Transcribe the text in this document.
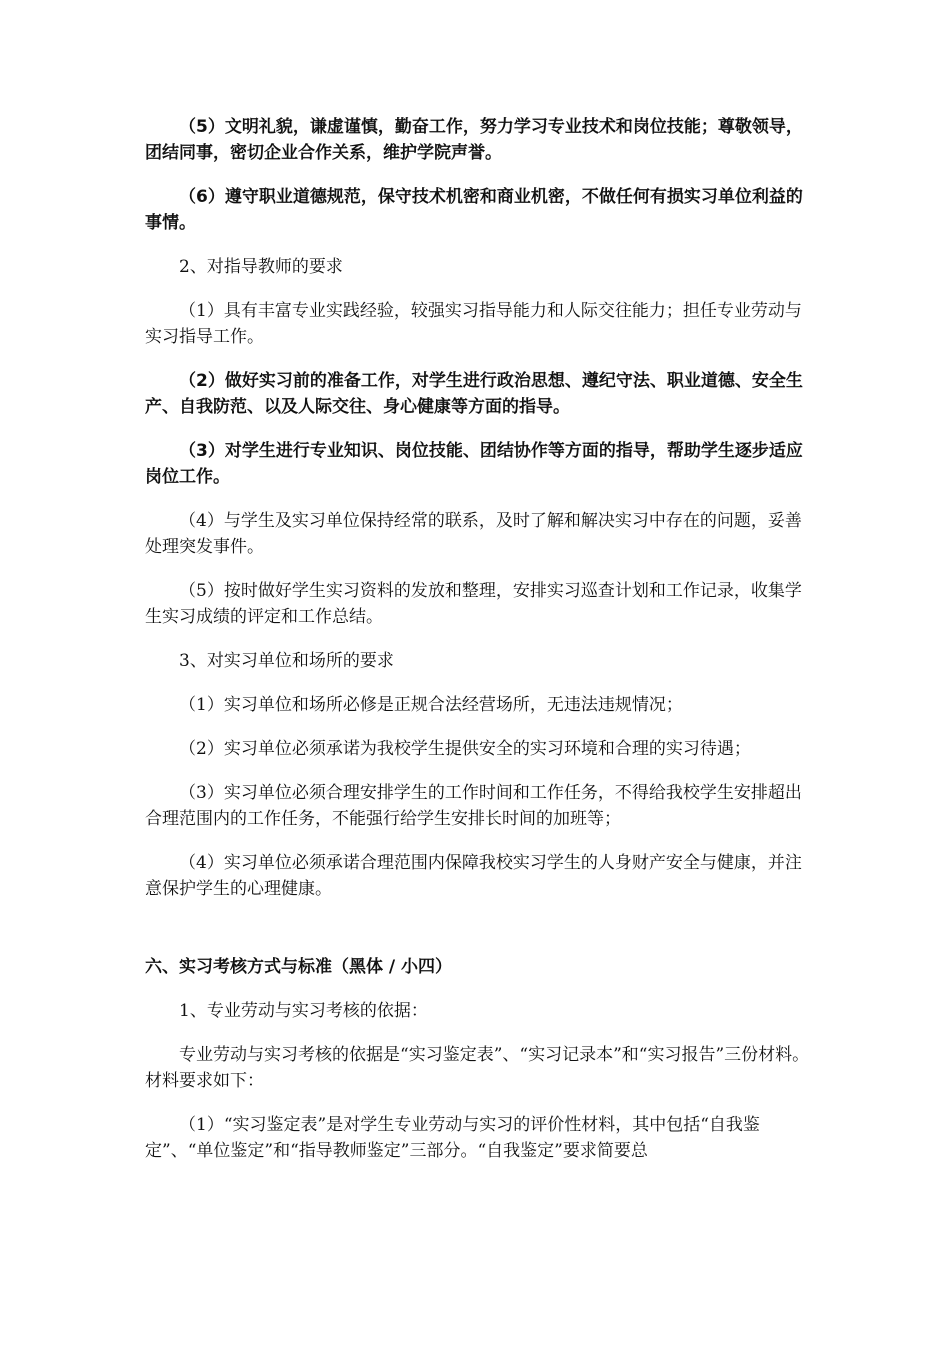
（5）文明礼貌，谦虚谨慎，勤奋工作，努力学习专业技术和岗位技能；尊敬领导，团结同事，密切企业合作关系，维护学院声誉。

（6）遵守职业道德规范，保守技术机密和商业机密，不做任何有损实习单位利益的事情。

2、对指导教师的要求

（1）具有丰富专业实践经验，较强实习指导能力和人际交往能力；担任专业劳动与实习指导工作。

（2）做好实习前的准备工作，对学生进行政治思想、遵纪守法、职业道德、安全生产、自我防范、以及人际交往、身心健康等方面的指导。

（3）对学生进行专业知识、岗位技能、团结协作等方面的指导，帮助学生逐步适应岗位工作。

（4）与学生及实习单位保持经常的联系，及时了解和解决实习中存在的问题，妥善处理突发事件。

（5）按时做好学生实习资料的发放和整理，安排实习巡查计划和工作记录，收集学生实习成绩的评定和工作总结。

3、对实习单位和场所的要求

（1）实习单位和场所必修是正规合法经营场所，无违法违规情况；

（2）实习单位必须承诺为我校学生提供安全的实习环境和合理的实习待遇；

（3）实习单位必须合理安排学生的工作时间和工作任务，不得给我校学生安排超出合理范围内的工作任务，不能强行给学生安排长时间的加班等；

（4）实习单位必须承诺合理范围内保障我校实习学生的人身财产安全与健康，并注意保护学生的心理健康。

六、实习考核方式与标准（黑体 / 小四）

1、专业劳动与实习考核的依据：

专业劳动与实习考核的依据是“实习鉴定表”、“实习记录本”和“实习报告”三份材料。材料要求如下：

（1）“实习鉴定表”是对学生专业劳动与实习的评价性材料，其中包括“自我鉴定”、“单位鉴定”和“指导教师鉴定”三部分。“自我鉴定”要求简要总
